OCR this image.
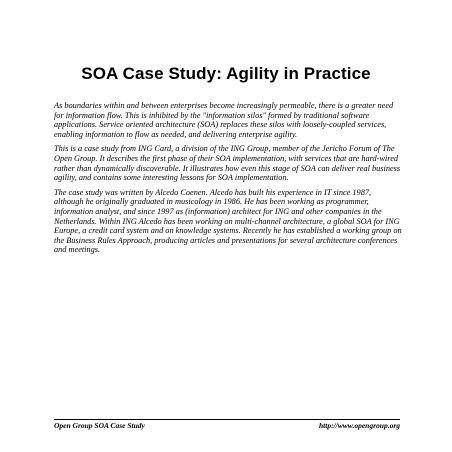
SOA Case Study: Agility in Practice

As boundaries within and between enterprises become increasingly permeable, there is a greater need for information flow. This is inhibited by the "information silos" formed by traditional software applications. Service oriented architecture (SOA) replaces these silos with loosely-coupled services, enabling information to flow as needed, and delivering enterprise agility.

This is a case study from ING Card, a division of the ING Group, member of the Jericho Forum of The Open Group. It describes the first phase of their SOA implementation, with services that are hard-wired rather than dynamically discoverable. It illustrates how even this stage of SOA can deliver real business agility, and contains some interesting lessons for SOA implementation.

The case study was written by Alcedo Coenen. Alcedo has built his experience in IT since 1987, although he originally graduated in musicology in 1986. He has been working as programmer, information analyst, and since 1997 as (information) architect for ING and other companies in the Netherlands. Within ING Alcedo has been working on multi-channel architecture, a global SOA for ING Europe, a credit card system and on knowledge systems. Recently he has established a working group on the Business Rules Approach, producing articles and presentations for several architecture conferences and meetings.

Open Group SOA Case Study	http://www.opengroup.org
